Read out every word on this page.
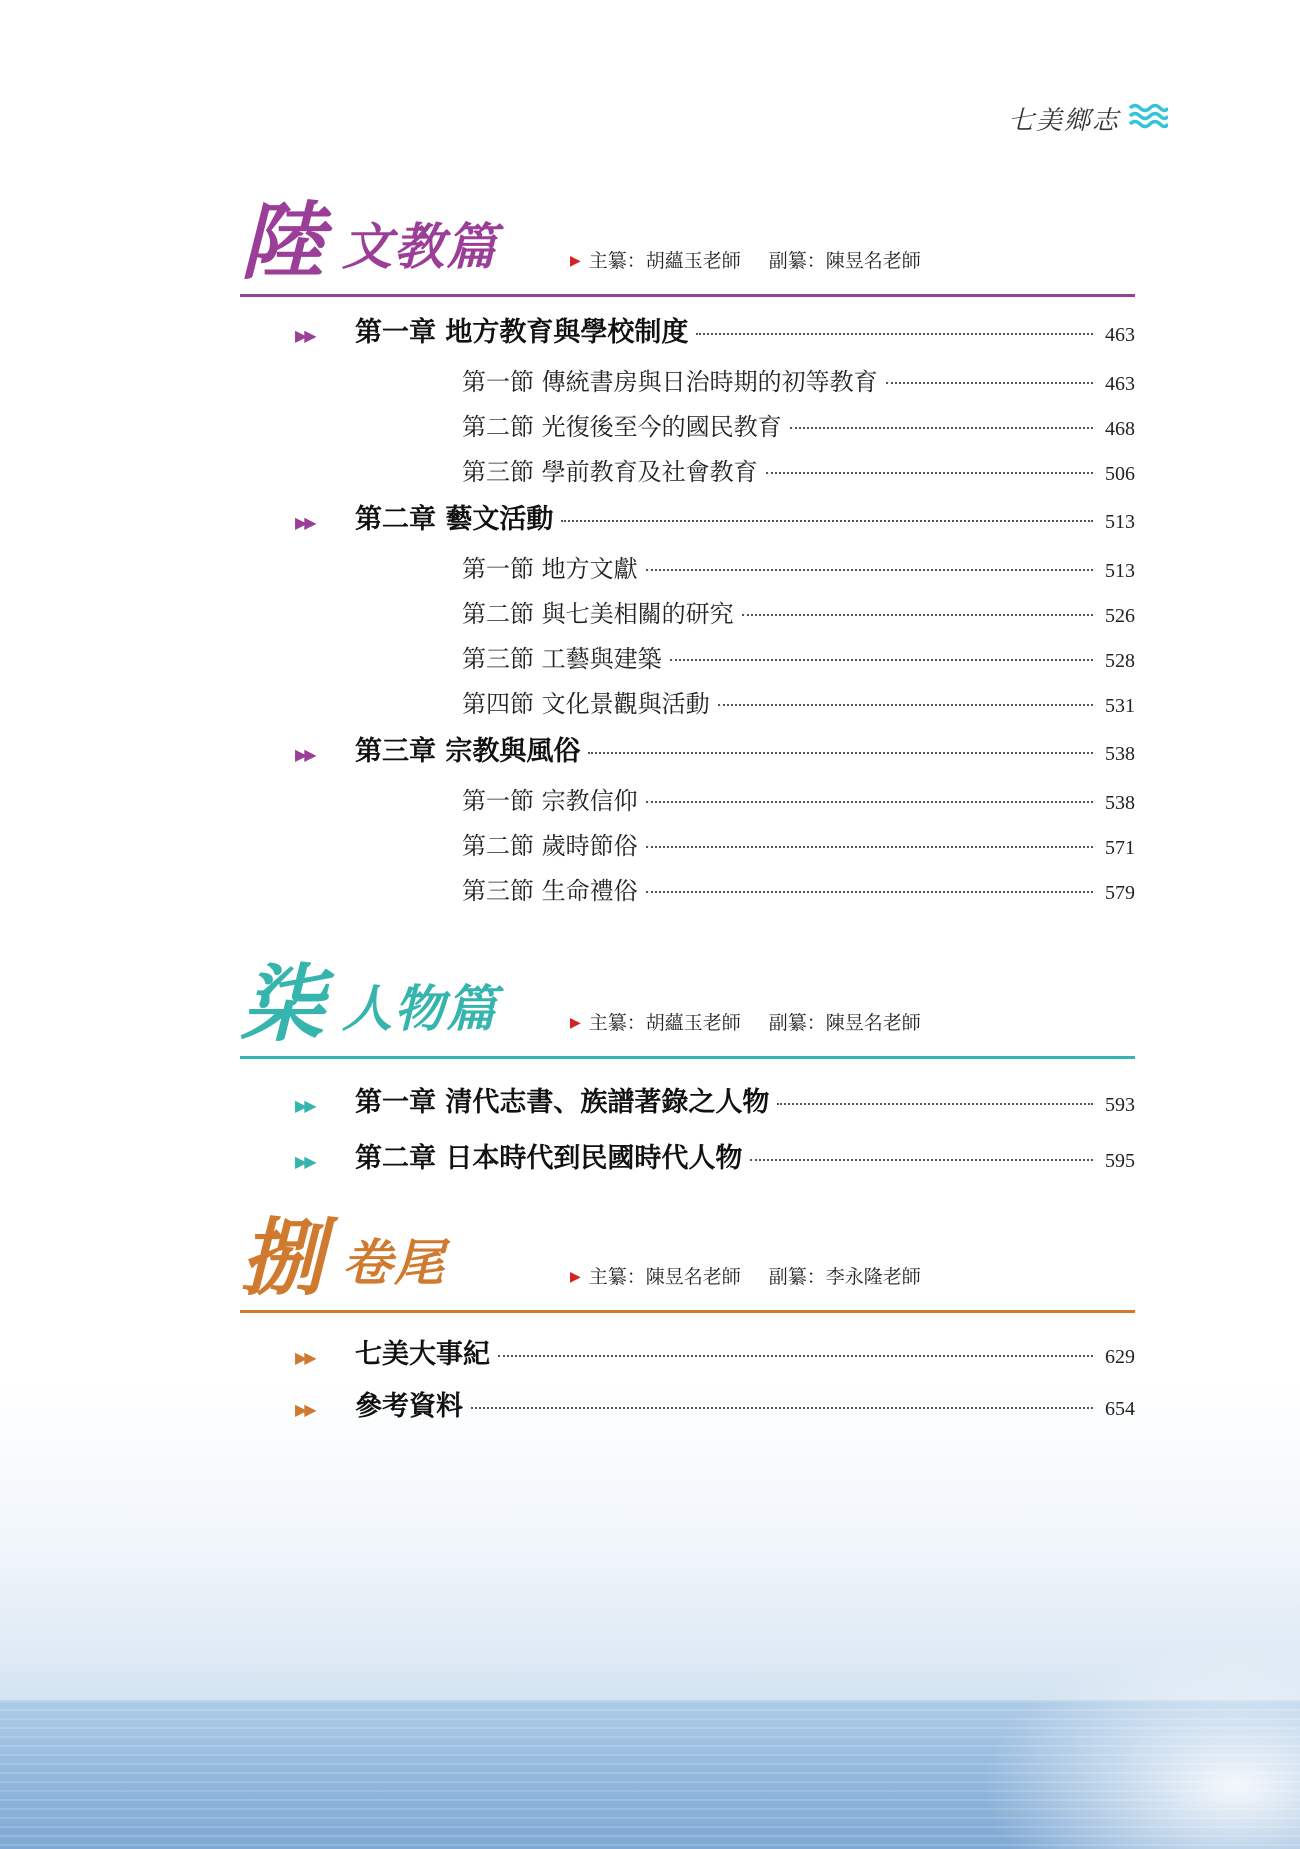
七美鄉志
陸 文教篇	▶ 主纂：胡蘊玉老師 副纂：陳昱名老師
▶▶	第一章 地方教育與學校制度	463
第一節 傳統書房與日治時期的初等教育	463
第二節 光復後至今的國民教育	468
第三節 學前教育及社會教育	506
▶▶	第二章 藝文活動	513
第一節 地方文獻	513
第二節 與七美相關的研究	526
第三節 工藝與建築	528
第四節 文化景觀與活動	531
▶▶	第三章 宗教與風俗	538
第一節 宗教信仰	538
第二節 歲時節俗	571
第三節 生命禮俗	579
柒 人物篇	▶ 主纂：胡蘊玉老師 副纂：陳昱名老師
▶▶	第一章 清代志書、族譜著錄之人物	593
▶▶	第二章 日本時代到民國時代人物	595
捌 卷尾	▶ 主纂：陳昱名老師 副纂：李永隆老師
▶▶	七美大事紀	629
▶▶	參考資料	654
